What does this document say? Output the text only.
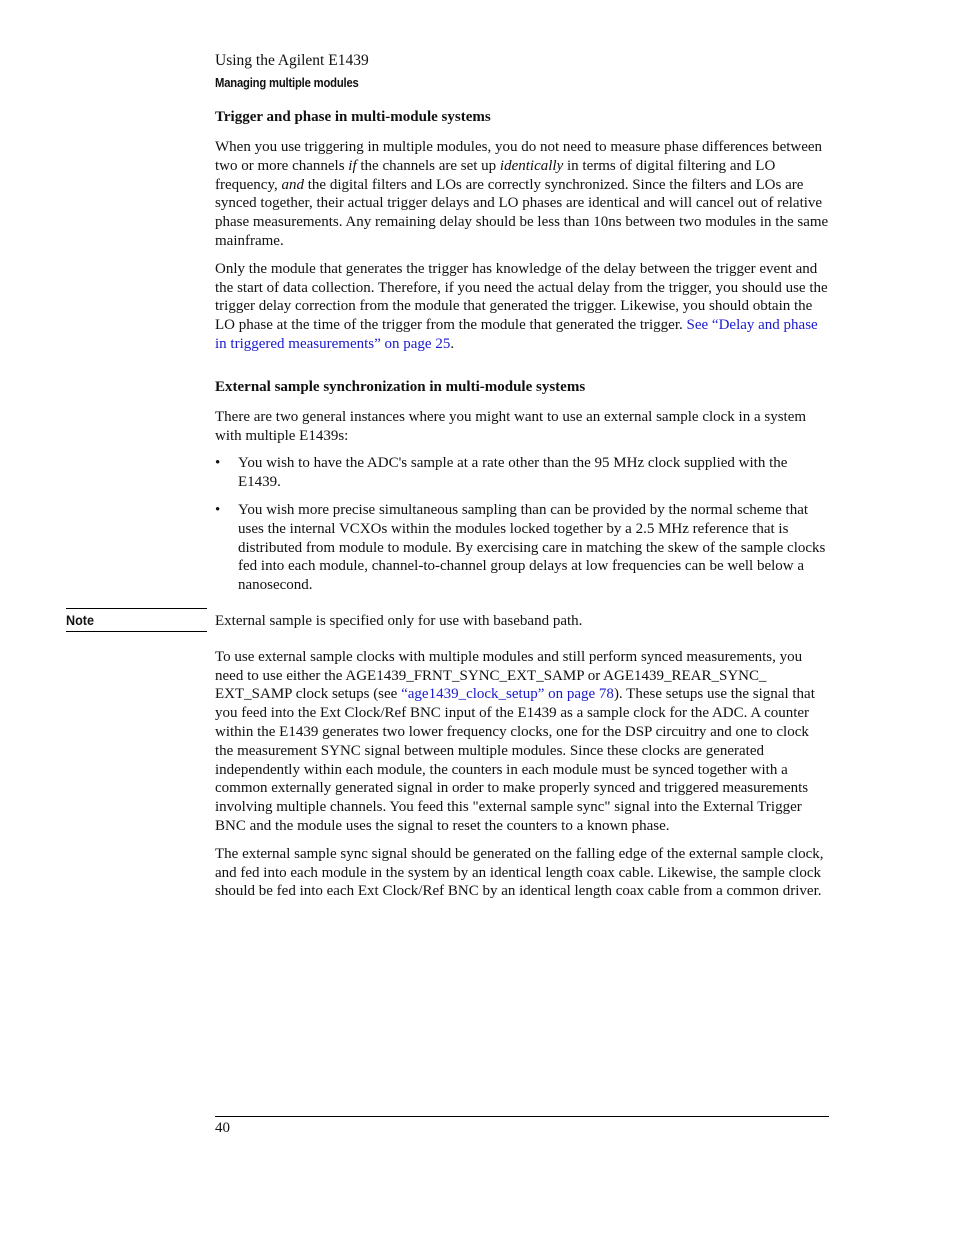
Using the Agilent E1439
Managing multiple modules
Trigger and phase in multi-module systems

When you use triggering in multiple modules, you do not need to measure phase differences between two or more channels if the channels are set up identically in terms of digital filtering and LO frequency, and the digital filters and LOs are correctly synchronized. Since the filters and LOs are synced together, their actual trigger delays and LO phases are identical and will cancel out of relative phase measurements. Any remaining delay should be less than 10ns between two modules in the same mainframe.

Only the module that generates the trigger has knowledge of the delay between the trigger event and the start of data collection. Therefore, if you need the actual delay from the trigger, you should use the trigger delay correction from the module that generated the trigger. Likewise, you should obtain the LO phase at the time of the trigger from the module that generated the trigger. See “Delay and phase in triggered measurements” on page 25.

External sample synchronization in multi-module systems

There are two general instances where you might want to use an external sample clock in a system with multiple E1439s:

• You wish to have the ADC's sample at a rate other than the 95 MHz clock supplied with the E1439.
• You wish more precise simultaneous sampling than can be provided by the normal scheme that uses the internal VCXOs within the modules locked together by a 2.5 MHz reference that is distributed from module to module. By exercising care in matching the skew of the sample clocks fed into each module, channel-to-channel group delays at low frequencies can be well below a nanosecond.

External sample is specified only for use with baseband path.

To use external sample clocks with multiple modules and still perform synced measurements, you need to use either the AGE1439_FRNT_SYNC_EXT_SAMP or AGE1439_REAR_SYNC_ EXT_SAMP clock setups (see “age1439_clock_setup” on page 78). These setups use the signal that you feed into the Ext Clock/Ref BNC input of the E1439 as a sample clock for the ADC. A counter within the E1439 generates two lower frequency clocks, one for the DSP circuitry and one to clock the measurement SYNC signal between multiple modules. Since these clocks are generated independently within each module, the counters in each module must be synced together with a common externally generated signal in order to make properly synced and triggered measurements involving multiple channels. You feed this "external sample sync" signal into the External Trigger BNC and the module uses the signal to reset the counters to a known phase.

The external sample sync signal should be generated on the falling edge of the external sample clock, and fed into each module in the system by an identical length coax cable. Likewise, the sample clock should be fed into each Ext Clock/Ref BNC by an identical length coax cable from a common driver.

Note
40
